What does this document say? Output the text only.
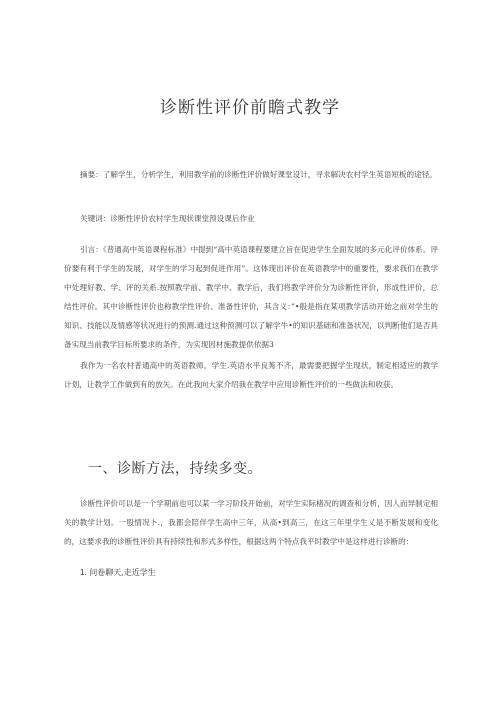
诊断性评价前瞻式教学

摘要：了解学生，分析学生，利用教学前的诊断性评价做好课堂设计，寻求解决农村学生英语短板的途径。

关键词：诊断性评价农村学生现状课堂预设课后作业

引言：《普通高中英语课程标准》中提到“高中英语课程要建立旨在促进学生全面发展的多元化评价体系。评价要有利于学生的发展，对学生的学习起到促进作用”。这体现出评价在英语教学中的重要性，要求我们在教学中处理好教、学、评的关系.按照教学前、教学中、教学后，我们将教学评价分为诊断性评价，形成性评价，总结性评价。其中诊断性评价也称教学性评价、准备性评价，其含义：”•般是指在某项教学活动开始之前对学生的知识、技能以及情感等状况进行的预测.通过这种预测可以了解学牛•的知识基础和准备状况，以判断他们是否具备实现当前教学目标所要求的条件，为实现因材施教提供依据3

我作为一名农村普通高中的英语教师，学生.英语水平良莠不齐，最需要把握学生现状，制定相适应的教学计划，让教学工作做到有的放矢。在此我向大家介绍我在教学中应用诊断性评价的一些做法和收获。

一、诊断方法，持续多变。

诊断性评价可以是一个学期前也可以某一学习阶段开始前，对学生实际楮况的调查和分析，因人而异制定相关的教学计划。一股情况卜.，我都会陪伴学生高中三年，从高•到高三，在这三年里学生乂是不断发展和变化的，这要求我的诊断性评价具有持续性和形式多样性，根据这两个特点我平时教学中是这样进行诊断的：

1. 问卷聊天,走近学生
